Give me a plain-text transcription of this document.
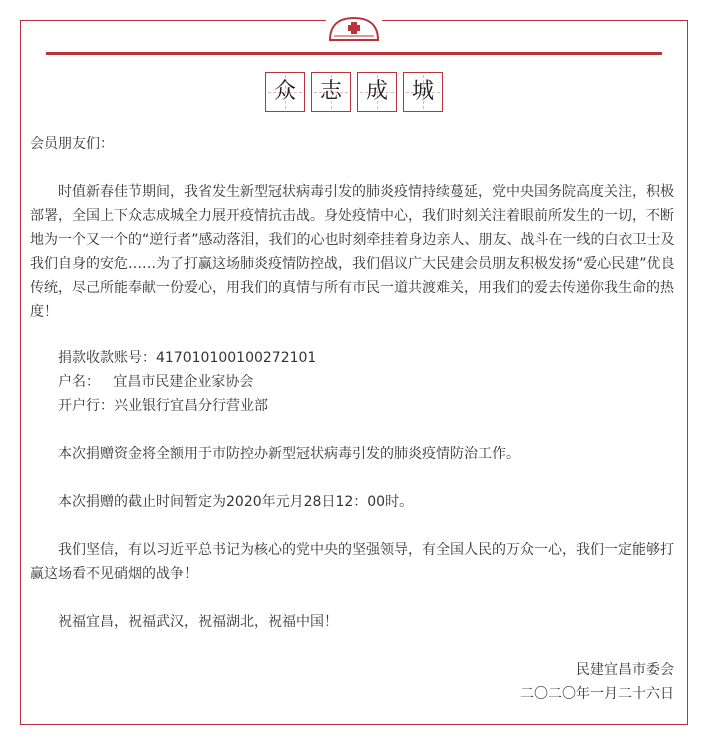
众	志	成	城
会员朋友们：
时值新春佳节期间，我省发生新型冠状病毒引发的肺炎疫情持续蔓延，党中央国务院高度关注，积极部署，全国上下众志成城全力展开疫情抗击战。身处疫情中心，我们时刻关注着眼前所发生的一切，不断地为一个又一个的“逆行者”感动落泪，我们的心也时刻牵挂着身边亲人、朋友、战斗在一线的白衣卫士及我们自身的安危……为了打赢这场肺炎疫情防控战，我们倡议广大民建会员朋友积极发扬“爱心民建”优良传统，尽己所能奉献一份爱心，用我们的真情与所有市民一道共渡难关，用我们的爱去传递你我生命的热度！
捐款收款账号： 417010100100272101
户名： 宜昌市民建企业家协会
开户行： 兴业银行宜昌分行营业部
本次捐赠资金将全额用于市防控办新型冠状病毒引发的肺炎疫情防治工作。
本次捐赠的截止时间暂定为2020年元月28日12：00时。
我们坚信，有以习近平总书记为核心的党中央的坚强领导，有全国人民的万众一心，我们一定能够打赢这场看不见硝烟的战争！
祝福宜昌，祝福武汉，祝福湖北，祝福中国！
民建宜昌市委会
二〇二〇年一月二十六日
